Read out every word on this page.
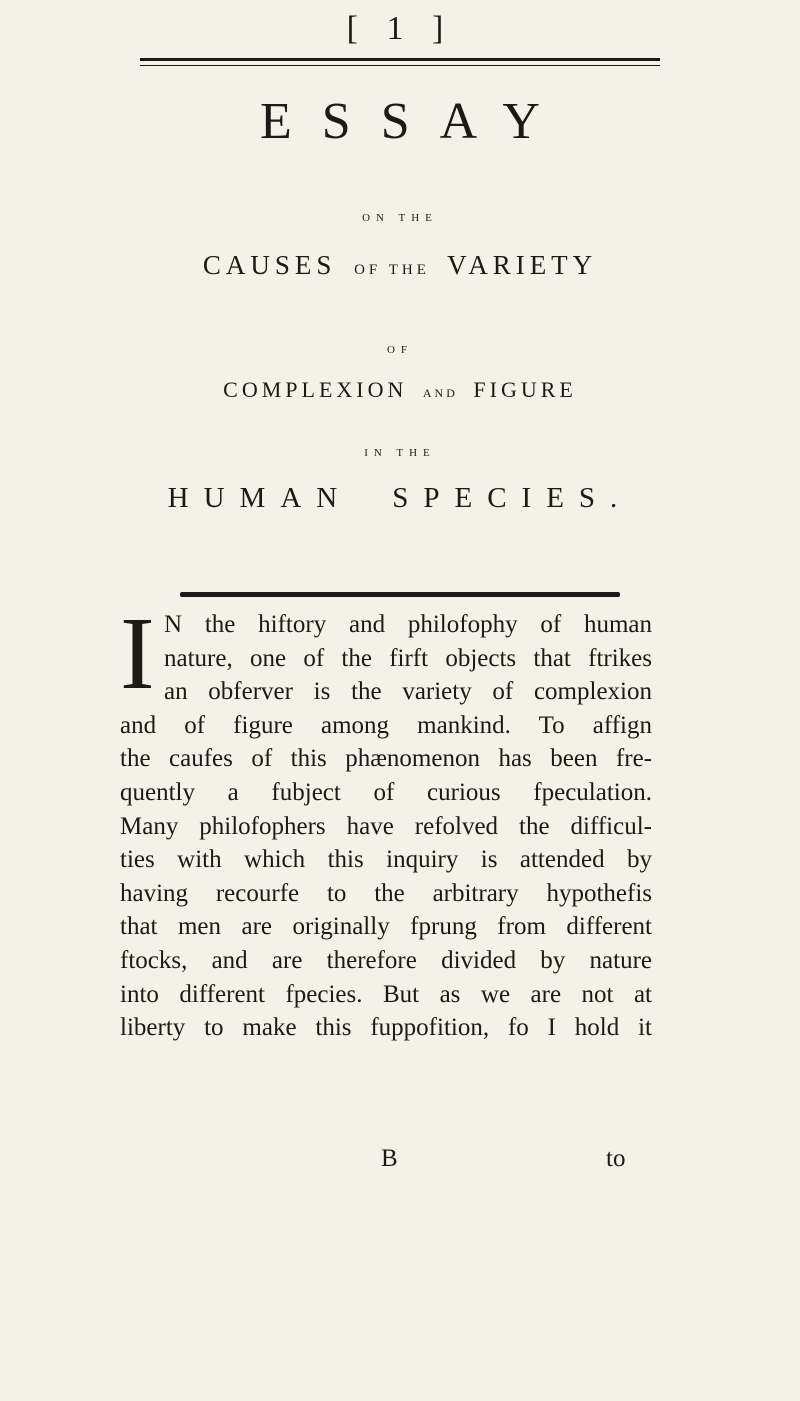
[ 1 ]
ESSAY
ON THE
CAUSES OF THE VARIETY
OF
COMPLEXION AND FIGURE
IN THE
HUMAN SPECIES.
I N the hiftory and philofophy of human
nature, one of the firft objects that ftrikes
an obferver is the variety of complexion
and of figure among mankind. To affign
the caufes of this phænomenon has been fre-
quently a fubject of curious fpeculation.
Many philofophers have refolved the difficul-
ties with which this inquiry is attended by
having recourfe to the arbitrary hypothefis
that men are originally fprung from different
ftocks, and are therefore divided by nature
into different fpecies. But as we are not at
liberty to make this fuppofition, fo I hold it
B	to
